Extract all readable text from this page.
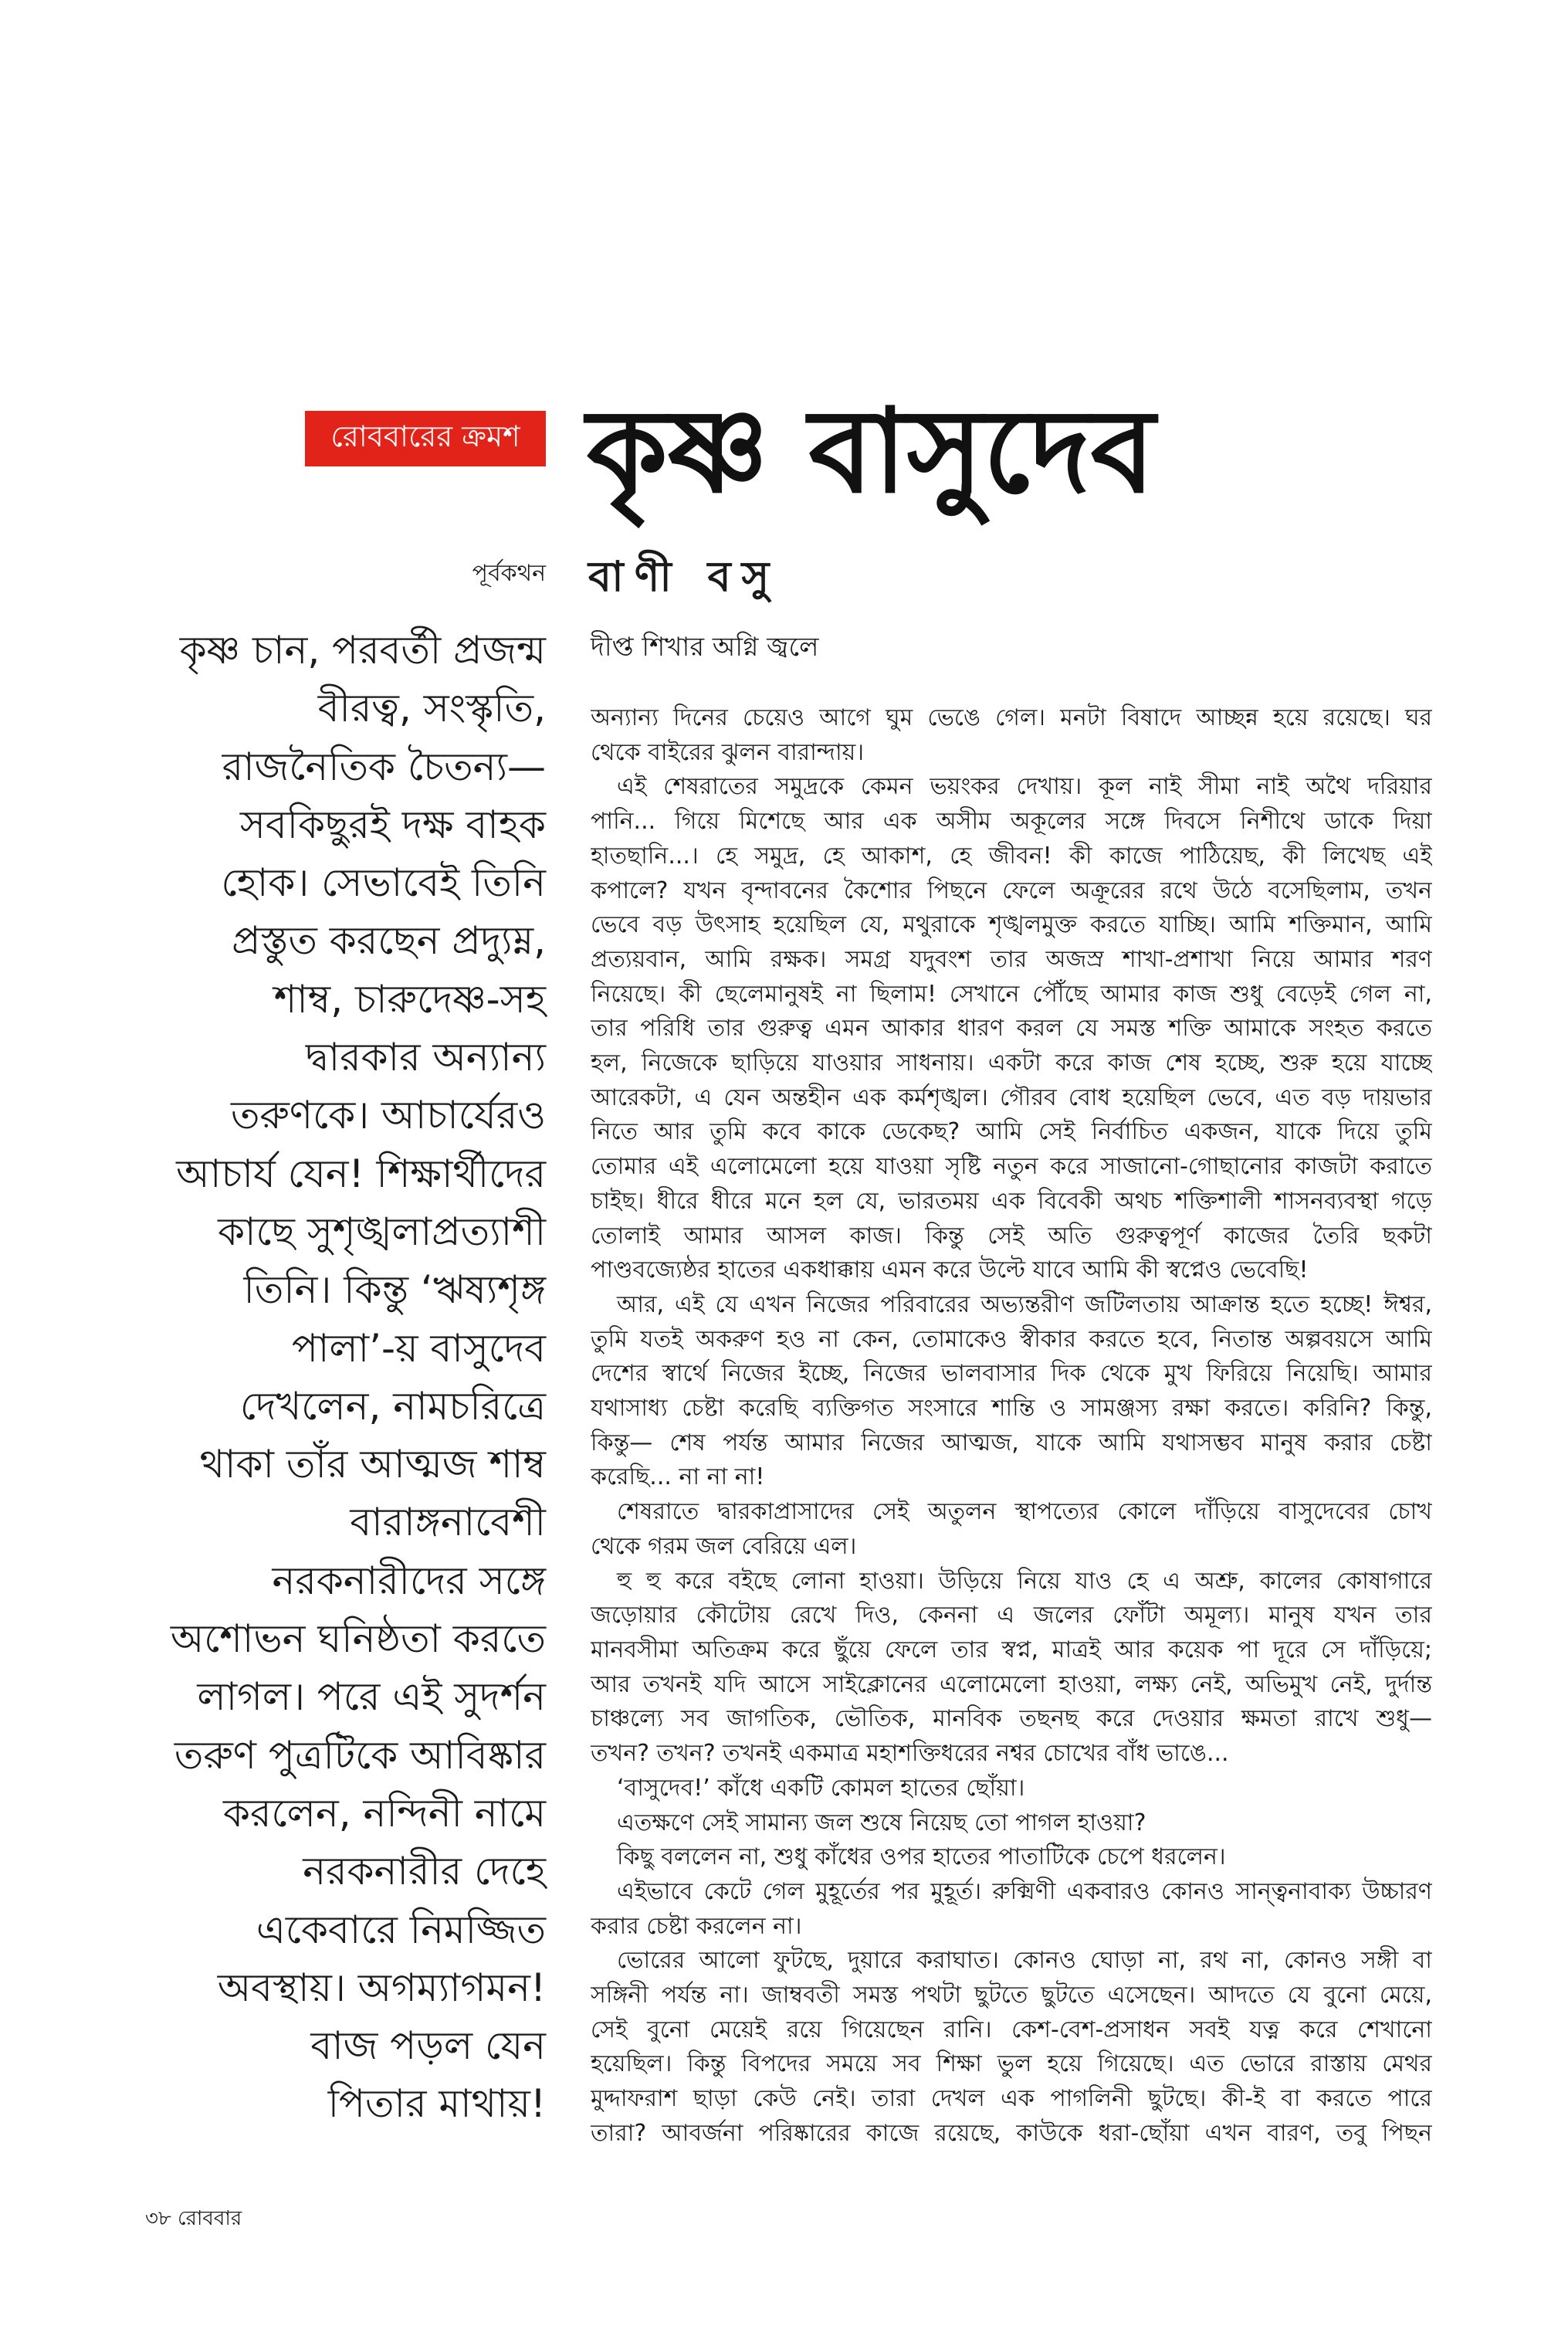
রোববারের ক্রমশ কৃষ্ণ বাসুদেব
পূর্বকথন বাণী বসু
দীপ্ত শিখার অগ্নি জ্বলে
কৃষ্ণ চান, পরবর্তী প্রজন্ম
বীরত্ব, সংস্কৃতি,
রাজনৈতিক চৈতন্য—
সবকিছুরই দক্ষ বাহক
হোক। সেভাবেই তিনি
প্রস্তুত করছেন প্রদ্যুম্ন,
শাম্ব, চারুদেষ্ণ-সহ
দ্বারকার অন্যান্য
তরুণকে। আচার্যেরও
আচার্য যেন! শিক্ষার্থীদের
কাছে সুশৃঙ্খলাপ্রত্যাশী
তিনি। কিন্তু ‘ঋষ্যশৃঙ্গ
পালা’-য় বাসুদেব
দেখলেন, নামচরিত্রে
থাকা তাঁর আত্মজ শাম্ব
বারাঙ্গনাবেশী
নরকনারীদের সঙ্গে
অশোভন ঘনিষ্ঠতা করতে
লাগল। পরে এই সুদর্শন
তরুণ পুত্রটিকে আবিষ্কার
করলেন, নন্দিনী নামে
নরকনারীর দেহে
একেবারে নিমজ্জিত
অবস্থায়। অগম্যাগমন!
বাজ পড়ল যেন
পিতার মাথায়!
অন্যান্য দিনের চেয়েও আগে ঘুম ভেঙে গেল। মনটা বিষাদে আচ্ছন্ন হয়ে রয়েছে। ঘর
থেকে বাইরের ঝুলন বারান্দায়।
এই শেষরাতের সমুদ্রকে কেমন ভয়ংকর দেখায়। কূল নাই সীমা নাই অথৈ দরিয়ার
পানি... গিয়ে মিশেছে আর এক অসীম অকূলের সঙ্গে দিবসে নিশীথে ডাকে দিয়া
হাতছানি...। হে সমুদ্র, হে আকাশ, হে জীবন! কী কাজে পাঠিয়েছ, কী লিখেছ এই
কপালে? যখন বৃন্দাবনের কৈশোর পিছনে ফেলে অক্রূরের রথে উঠে বসেছিলাম, তখন
ভেবে বড় উৎসাহ হয়েছিল যে, মথুরাকে শৃঙ্খলমুক্ত করতে যাচ্ছি। আমি শক্তিমান, আমি
প্রত্যয়বান, আমি রক্ষক। সমগ্র যদুবংশ তার অজস্র শাখা-প্রশাখা নিয়ে আমার শরণ
নিয়েছে। কী ছেলেমানুষই না ছিলাম! সেখানে পৌঁছে আমার কাজ শুধু বেড়েই গেল না,
তার পরিধি তার গুরুত্ব এমন আকার ধারণ করল যে সমস্ত শক্তি আমাকে সংহত করতে
হল, নিজেকে ছাড়িয়ে যাওয়ার সাধনায়। একটা করে কাজ শেষ হচ্ছে, শুরু হয়ে যাচ্ছে
আরেকটা, এ যেন অন্তহীন এক কর্মশৃঙ্খল। গৌরব বোধ হয়েছিল ভেবে, এত বড় দায়ভার
নিতে আর তুমি কবে কাকে ডেকেছ? আমি সেই নির্বাচিত একজন, যাকে দিয়ে তুমি
তোমার এই এলোমেলো হয়ে যাওয়া সৃষ্টি নতুন করে সাজানো-গোছানোর কাজটা করাতে
চাইছ। ধীরে ধীরে মনে হল যে, ভারতময় এক বিবেকী অথচ শক্তিশালী শাসনব্যবস্থা গড়ে
তোলাই আমার আসল কাজ। কিন্তু সেই অতি গুরুত্বপূর্ণ কাজের তৈরি ছকটা
পাণ্ডবজ্যেষ্ঠর হাতের একধাক্কায় এমন করে উল্টে যাবে আমি কী স্বপ্নেও ভেবেছি!
আর, এই যে এখন নিজের পরিবারের অভ্যন্তরীণ জটিলতায় আক্রান্ত হতে হচ্ছে! ঈশ্বর,
তুমি যতই অকরুণ হও না কেন, তোমাকেও স্বীকার করতে হবে, নিতান্ত অল্পবয়সে আমি
দেশের স্বার্থে নিজের ইচ্ছে, নিজের ভালবাসার দিক থেকে মুখ ফিরিয়ে নিয়েছি। আমার
যথাসাধ্য চেষ্টা করেছি ব্যক্তিগত সংসারে শান্তি ও সামঞ্জস্য রক্ষা করতে। করিনি? কিন্তু,
কিন্তু— শেষ পর্যন্ত আমার নিজের আত্মজ, যাকে আমি যথাসম্ভব মানুষ করার চেষ্টা
করেছি... না না না!
শেষরাতে দ্বারকাপ্রাসাদের সেই অতুলন স্থাপত্যের কোলে দাঁড়িয়ে বাসুদেবের চোখ
থেকে গরম জল বেরিয়ে এল।
হু হু করে বইছে লোনা হাওয়া। উড়িয়ে নিয়ে যাও হে এ অশ্রু, কালের কোষাগারে
জড়োয়ার কৌটোয় রেখে দিও, কেননা এ জলের ফোঁটা অমূল্য। মানুষ যখন তার
মানবসীমা অতিক্রম করে ছুঁয়ে ফেলে তার স্বপ্ন, মাত্রই আর কয়েক পা দূরে সে দাঁড়িয়ে;
আর তখনই যদি আসে সাইক্লোনের এলোমেলো হাওয়া, লক্ষ্য নেই, অভিমুখ নেই, দুর্দান্ত
চাঞ্চল্যে সব জাগতিক, ভৌতিক, মানবিক তছনছ করে দেওয়ার ক্ষমতা রাখে শুধু—
তখন? তখন? তখনই একমাত্র মহাশক্তিধরের নশ্বর চোখের বাঁধ ভাঙে...
‘বাসুদেব!’ কাঁধে একটি কোমল হাতের ছোঁয়া।
এতক্ষণে সেই সামান্য জল শুষে নিয়েছ তো পাগল হাওয়া?
কিছু বললেন না, শুধু কাঁধের ওপর হাতের পাতাটিকে চেপে ধরলেন।
এইভাবে কেটে গেল মুহূর্তের পর মুহূর্ত। রুক্মিণী একবারও কোনও সান্ত্বনাবাক্য উচ্চারণ
করার চেষ্টা করলেন না।
ভোরের আলো ফুটছে, দুয়ারে করাঘাত। কোনও ঘোড়া না, রথ না, কোনও সঙ্গী বা
সঙ্গিনী পর্যন্ত না। জাম্ববতী সমস্ত পথটা ছুটতে ছুটতে এসেছেন। আদতে যে বুনো মেয়ে,
সেই বুনো মেয়েই রয়ে গিয়েছেন রানি। কেশ-বেশ-প্রসাধন সবই যত্ন করে শেখানো
হয়েছিল। কিন্তু বিপদের সময়ে সব শিক্ষা ভুল হয়ে গিয়েছে। এত ভোরে রাস্তায় মেথর
মুদ্দাফরাশ ছাড়া কেউ নেই। তারা দেখল এক পাগলিনী ছুটছে। কী-ই বা করতে পারে
তারা? আবর্জনা পরিষ্কারের কাজে রয়েছে, কাউকে ধরা-ছোঁয়া এখন বারণ, তবু পিছন
৩৮ রোববার
